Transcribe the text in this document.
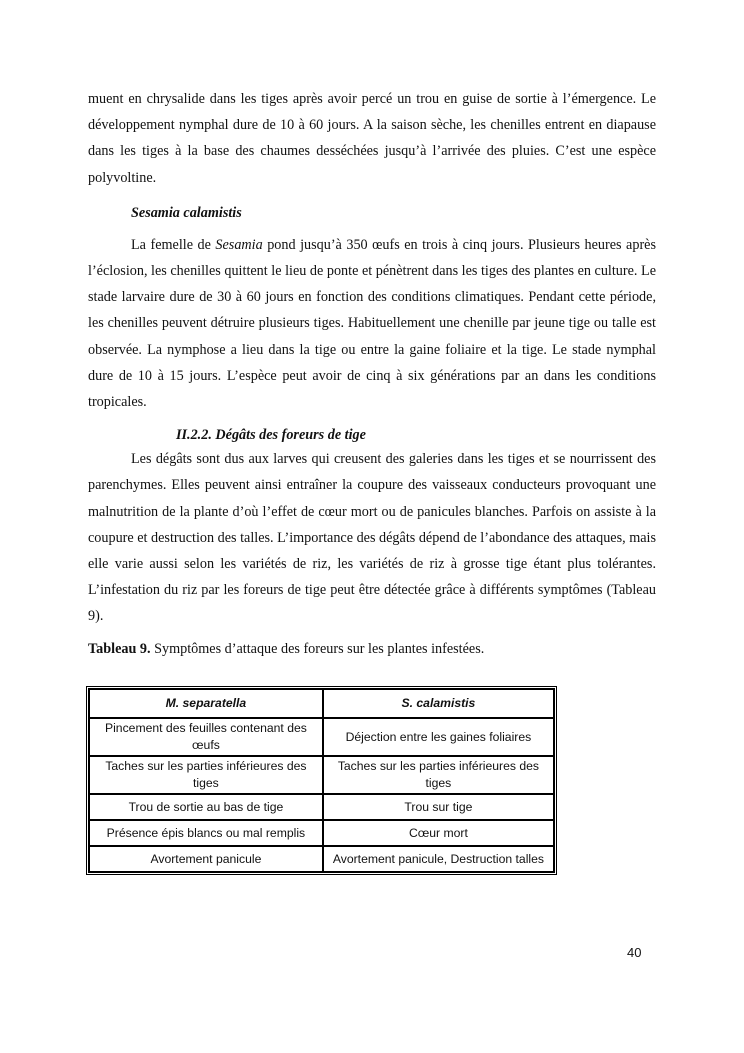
muent en chrysalide dans les tiges après avoir percé un trou en guise de sortie à l’émergence. Le développement nymphal dure de 10 à 60 jours. A la saison sèche, les chenilles entrent en diapause dans les tiges à la base des chaumes desséchées jusqu’à l’arrivée des pluies. C’est une espèce polyvoltine.

Sesamia calamistis

La femelle de Sesamia pond jusqu’à 350 œufs en trois à cinq jours. Plusieurs heures après l’éclosion, les chenilles quittent le lieu de ponte et pénètrent dans les tiges des plantes en culture. Le stade larvaire dure de 30 à 60 jours en fonction des conditions climatiques. Pendant cette période, les chenilles peuvent détruire plusieurs tiges. Habituellement une chenille par jeune tige ou talle est observée. La nymphose a lieu dans la tige ou entre la gaine foliaire et la tige. Le stade nymphal dure de 10 à 15 jours. L’espèce peut avoir de cinq à six générations par an dans les conditions tropicales.

II.2.2. Dégâts des foreurs de tige

Les dégâts sont dus aux larves qui creusent des galeries dans les tiges et se nourrissent des parenchymes. Elles peuvent ainsi entraîner la coupure des vaisseaux conducteurs provoquant une malnutrition de la plante d’où l’effet de cœur mort ou de panicules blanches. Parfois on assiste à la coupure et destruction des talles. L’importance des dégâts dépend de l’abondance des attaques, mais elle varie aussi selon les variétés de riz, les variétés de riz à grosse tige étant plus tolérantes. L’infestation du riz par les foreurs de tige peut être détectée grâce à différents symptômes (Tableau 9).

Tableau 9. Symptômes d’attaque des foreurs sur les plantes infestées.

M. separatella	S. calamistis
Pincement des feuilles contenant des œufs	Déjection entre les gaines foliaires
Taches sur les parties inférieures des tiges	Taches sur les parties inférieures des tiges
Trou de sortie au bas de tige	Trou sur tige
Présence épis blancs ou mal remplis	Cœur mort
Avortement panicule	Avortement panicule, Destruction talles
40
